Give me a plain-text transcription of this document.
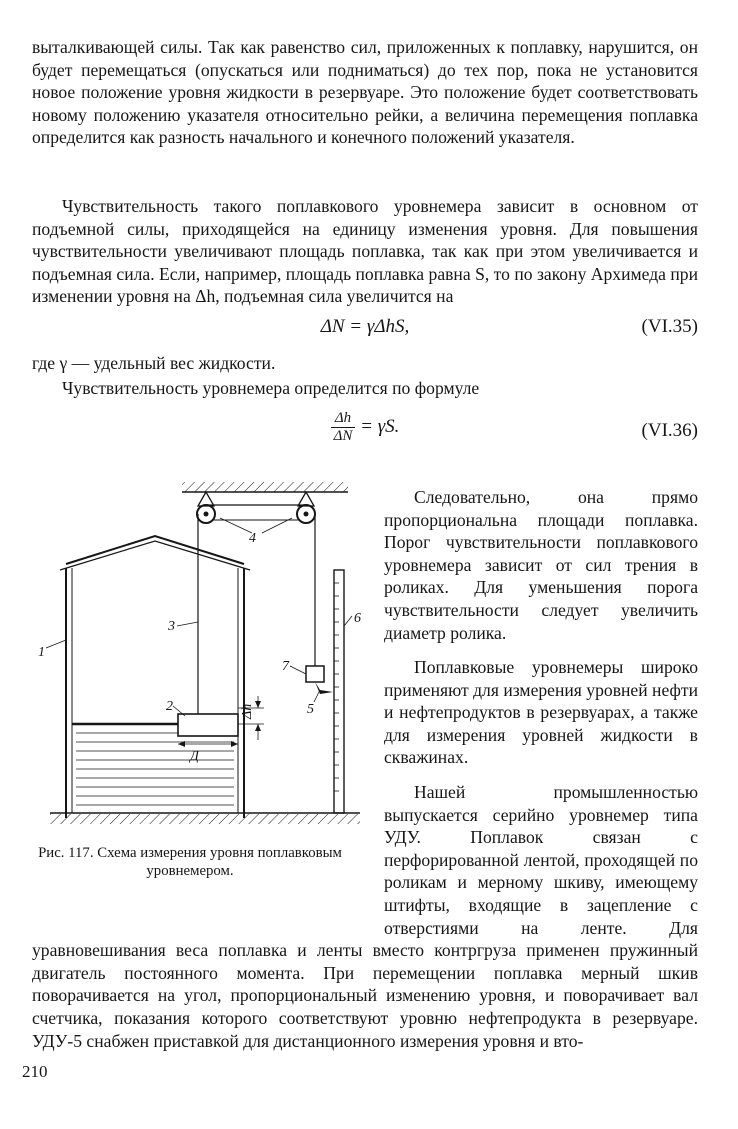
выталкивающей силы. Так как равенство сил, приложенных к поплавку, нарушится, он будет перемещаться (опускаться или подниматься) до тех пор, пока не установится новое положение уровня жидкости в резервуаре. Это положение будет соответствовать новому положению указателя относительно рейки, а величина перемещения поплавка определится как разность начального и конечного положений указателя.

Чувствительность такого поплавкового уровнемера зависит в основном от подъемной силы, приходящейся на единицу изменения уровня. Для повышения чувствительности увеличивают площадь поплавка, так как при этом увеличивается и подъемная сила. Если, например, площадь поплавка равна S, то по закону Архимеда при изменении уровня на Δh, подъемная сила увеличится на

ΔN = γΔhS,	(VI.35)

где γ — удельный вес жидкости.

Чувствительность уровнемера определится по формуле

$\frac{\Delta h}{\Delta N} = \gamma S$.	(VI.36)
4
1
2
3
5
6
7
Д
Δh

Рис. 117. Схема измерения уровня поплавковым уровнемером.

Следовательно, она прямо пропорциональна площади поплавка. Порог чувствительности поплавкового уровнемера зависит от сил трения в роликах. Для уменьшения порога чувствительности следует увеличить диаметр ролика.

Поплавковые уровнемеры широко применяют для измерения уровней нефти и нефтепродуктов в резервуарах, а также для измерения уровней жидкости в скважинах.

Нашей промышленностью выпускается серийно уровнемер типа УДУ. Поплавок связан с перфорированной лентой, проходящей по роликам и мерному шкиву, имеющему штифты, входящие в зацепление с отверстиями на ленте. Для уравновешивания веса поплавка и ленты вместо контргруза применен пружинный двигатель постоянного момента. При перемещении поплавка мерный шкив поворачивается на угол, пропорциональный изменению уровня, и поворачивает вал счетчика, показания которого соответствуют уровню нефтепродукта в резервуаре. УДУ-5 снабжен приставкой для дистанционного измерения уровня и вто-

210
